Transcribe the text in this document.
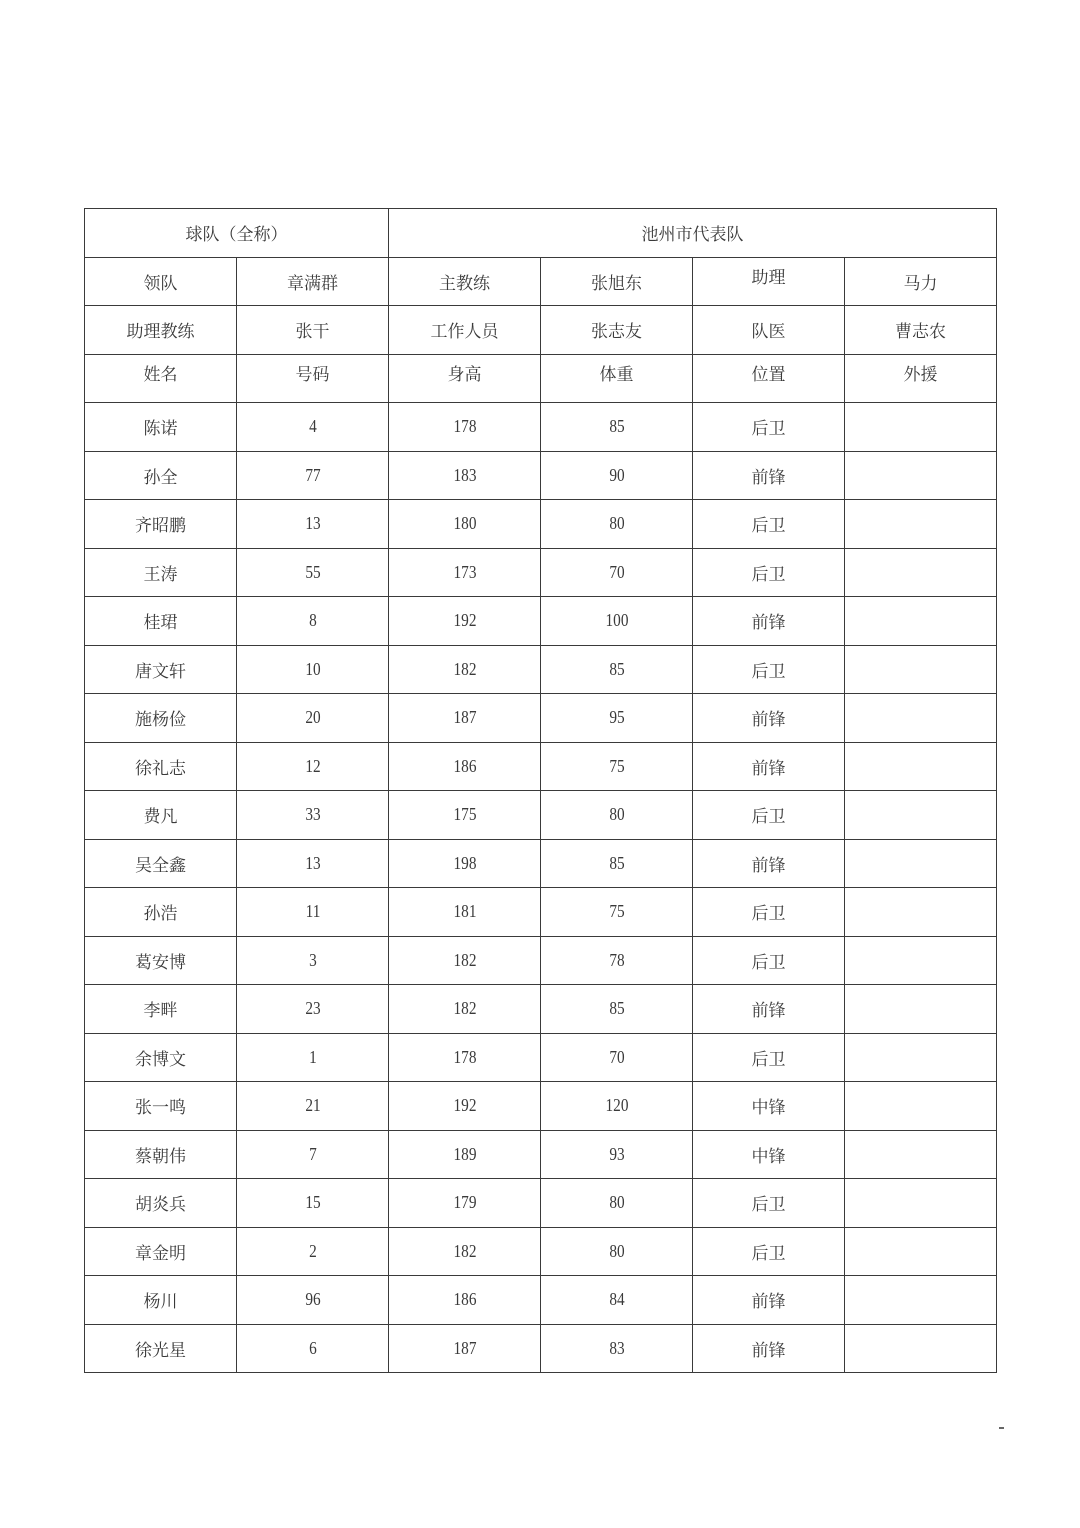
球队（全称）		池州市代表队			
领队	章满群	主教练	张旭东	助理	马力
助理教练	张干	工作人员	张志友	队医	曹志农
姓名	号码	身高	体重	位置	外援
陈诺	4	178	85	后卫	
孙全	77	183	90	前锋	
齐昭鹏	13	180	80	后卫	
王涛	55	173	70	后卫	
桂珺	8	192	100	前锋	
唐文轩	10	182	85	后卫	
施杨俭	20	187	95	前锋	
徐礼志	12	186	75	前锋	
费凡	33	175	80	后卫	
吴全鑫	13	198	85	前锋	
孙浩	11	181	75	后卫	
葛安博	3	182	78	后卫	
李畔	23	182	85	前锋	
余博文	1	178	70	后卫	
张一鸣	21	192	120	中锋	
蔡朝伟	7	189	93	中锋	
胡炎兵	15	179	80	后卫	
章金明	2	182	80	后卫	
杨川	96	186	84	前锋	
徐光星	6	187	83	前锋	
